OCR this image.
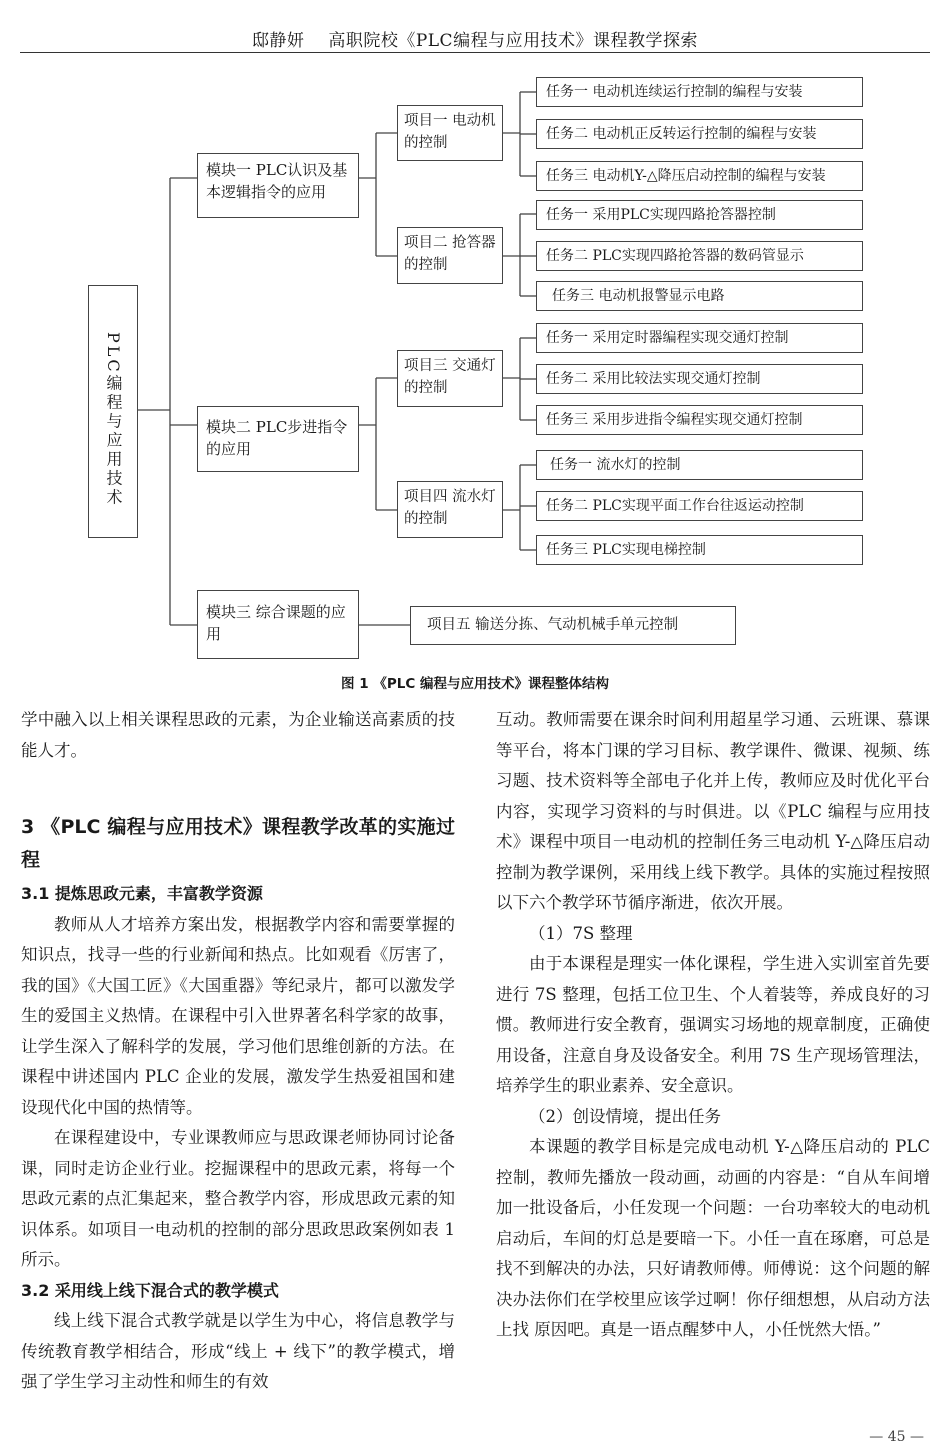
邸静妍 高职院校《PLC编程与应用技术》课程教学探索
PLC编程与应用技术
模块一 PLC认识及基本逻辑指令的应用
模块二 PLC步进指令的应用
模块三 综合课题的应用
项目一 电动机的控制
项目二 抢答器的控制
项目三 交通灯的控制
项目四 流水灯的控制
项目五 输送分拣、气动机械手单元控制
任务一 电动机连续运行控制的编程与安装
任务二 电动机正反转运行控制的编程与安装
任务三 电动机Y-△降压启动控制的编程与安装
任务一 采用PLC实现四路抢答器控制
任务二 PLC实现四路抢答器的数码管显示
任务三 电动机报警显示电路
任务一 采用定时器编程实现交通灯控制
任务二 采用比较法实现交通灯控制
任务三 采用步进指令编程实现交通灯控制
任务一 流水灯的控制
任务二 PLC实现平面工作台往返运动控制
任务三 PLC实现电梯控制
图 1 《PLC 编程与应用技术》课程整体结构

学中融入以上相关课程思政的元素，为企业输送高素质的技能人才。

3 《PLC 编程与应用技术》课程教学改革的实施过程

3.1 提炼思政元素，丰富教学资源

教师从人才培养方案出发，根据教学内容和需要掌握的知识点，找寻一些的行业新闻和热点。比如观看《厉害了，我的国》《大国工匠》《大国重器》等纪录片，都可以激发学生的爱国主义热情。在课程中引入世界著名科学家的故事，让学生深入了解科学的发展，学习他们思维创新的方法。在课程中讲述国内 PLC 企业的发展，激发学生热爱祖国和建设现代化中国的热情等。

在课程建设中，专业课教师应与思政课老师协同讨论备课，同时走访企业行业。挖掘课程中的思政元素，将每一个思政元素的点汇集起来，整合教学内容，形成思政元素的知识体系。如项目一电动机的控制的部分思政思政案例如表 1 所示。

3.2 采用线上线下混合式的教学模式

线上线下混合式教学就是以学生为中心，将信息教学与传统教育教学相结合，形成“线上 + 线下”的教学模式，增强了学生学习主动性和师生的有效

互动。教师需要在课余时间利用超星学习通、云班课、慕课等平台，将本门课的学习目标、教学课件、微课、视频、练习题、技术资料等全部电子化并上传，教师应及时优化平台内容，实现学习资料的与时俱进。以《PLC 编程与应用技术》课程中项目一电动机的控制任务三电动机 Y-△降压启动控制为教学课例，采用线上线下教学。具体的实施过程按照以下六个教学环节循序渐进，依次开展。

（1）7S 整理

由于本课程是理实一体化课程，学生进入实训室首先要进行 7S 整理，包括工位卫生、个人着装等，养成良好的习惯。教师进行安全教育，强调实习场地的规章制度，正确使用设备，注意自身及设备安全。利用 7S 生产现场管理法，培养学生的职业素养、安全意识。

（2）创设情境，提出任务

本课题的教学目标是完成电动机 Y-△降压启动的 PLC 控制，教师先播放一段动画，动画的内容是：“自从车间增加一批设备后，小任发现一个问题：一台功率较大的电动机启动后，车间的灯总是要暗一下。小任一直在琢磨，可总是找不到解决的办法，只好请教师傅。师傅说：这个问题的解决办法你们在学校里应该学过啊！你仔细想想，从启动方法上找 原因吧。真是一语点醒梦中人，小任恍然大悟。”

— 45 —
